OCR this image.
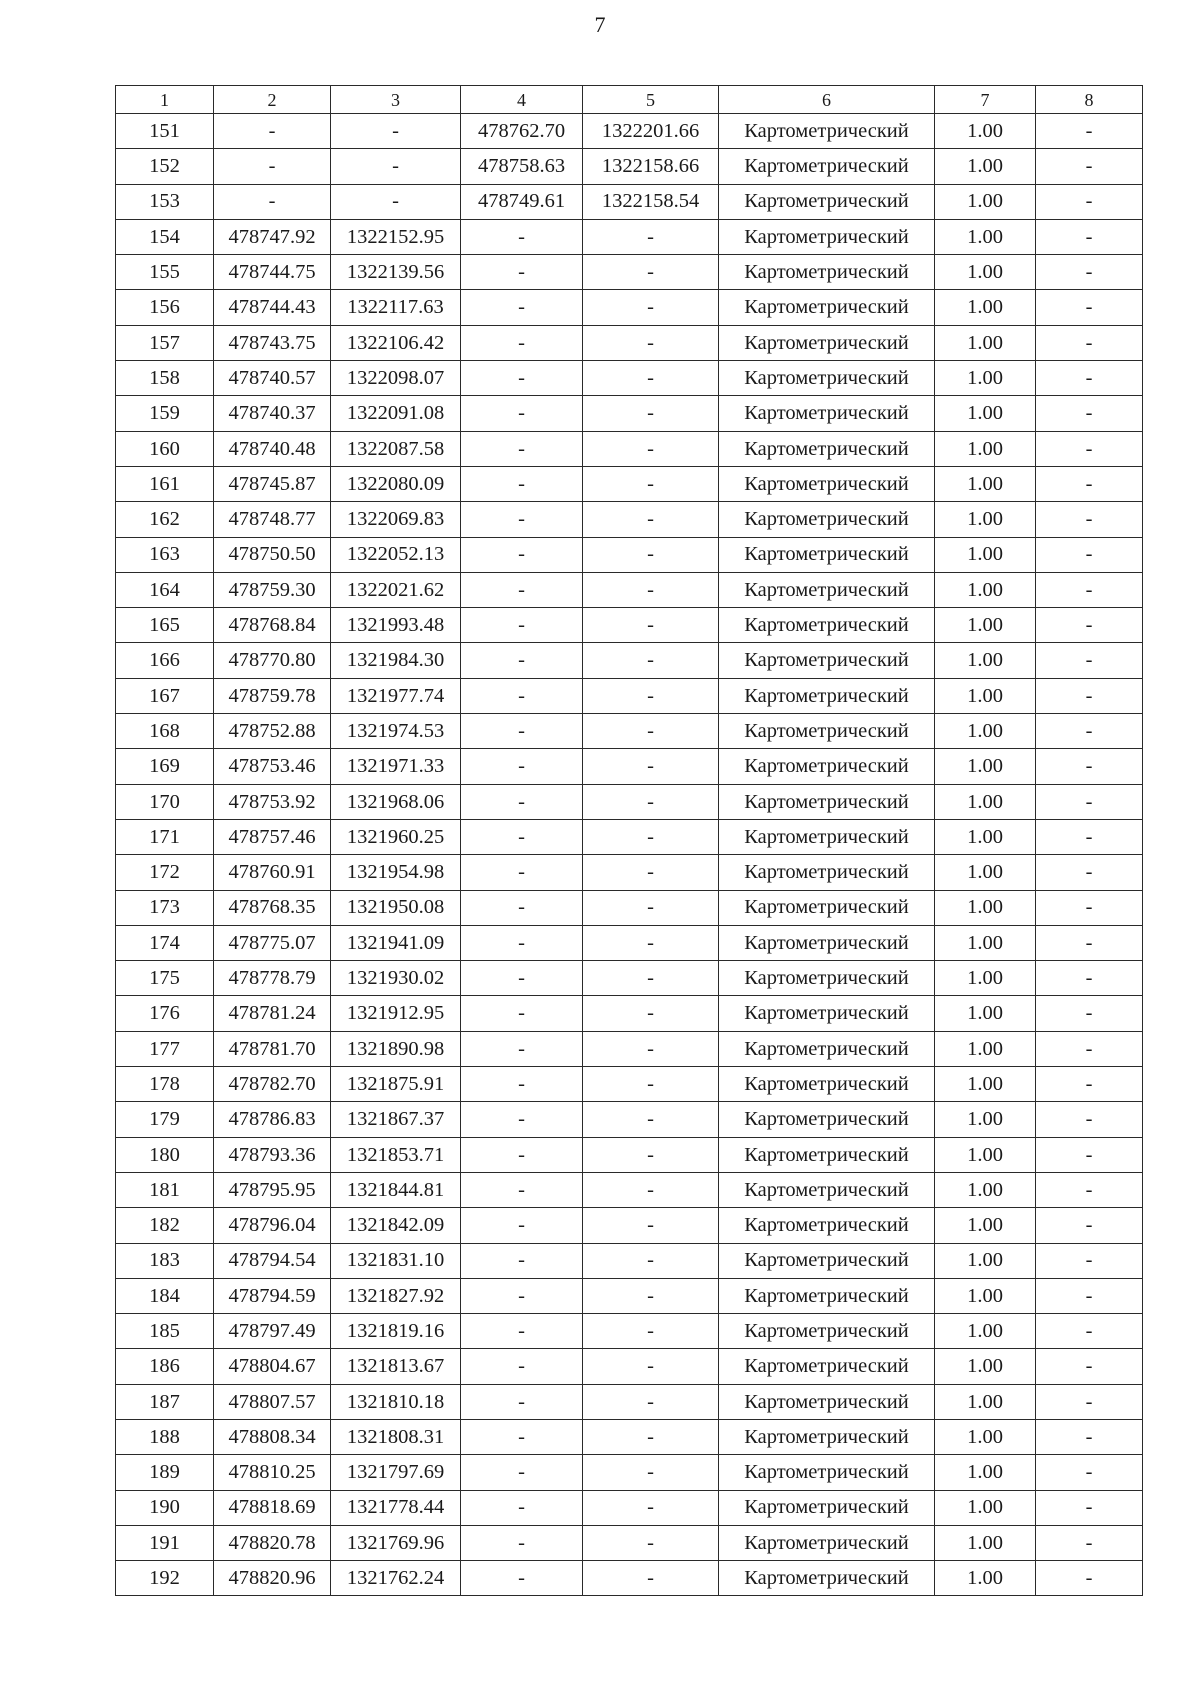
7
1	2	3	4	5	6	7	8
151	-	-	478762.70	1322201.66	Картометрический	1.00	-
152	-	-	478758.63	1322158.66	Картометрический	1.00	-
153	-	-	478749.61	1322158.54	Картометрический	1.00	-
154	478747.92	1322152.95	-	-	Картометрический	1.00	-
155	478744.75	1322139.56	-	-	Картометрический	1.00	-
156	478744.43	1322117.63	-	-	Картометрический	1.00	-
157	478743.75	1322106.42	-	-	Картометрический	1.00	-
158	478740.57	1322098.07	-	-	Картометрический	1.00	-
159	478740.37	1322091.08	-	-	Картометрический	1.00	-
160	478740.48	1322087.58	-	-	Картометрический	1.00	-
161	478745.87	1322080.09	-	-	Картометрический	1.00	-
162	478748.77	1322069.83	-	-	Картометрический	1.00	-
163	478750.50	1322052.13	-	-	Картометрический	1.00	-
164	478759.30	1322021.62	-	-	Картометрический	1.00	-
165	478768.84	1321993.48	-	-	Картометрический	1.00	-
166	478770.80	1321984.30	-	-	Картометрический	1.00	-
167	478759.78	1321977.74	-	-	Картометрический	1.00	-
168	478752.88	1321974.53	-	-	Картометрический	1.00	-
169	478753.46	1321971.33	-	-	Картометрический	1.00	-
170	478753.92	1321968.06	-	-	Картометрический	1.00	-
171	478757.46	1321960.25	-	-	Картометрический	1.00	-
172	478760.91	1321954.98	-	-	Картометрический	1.00	-
173	478768.35	1321950.08	-	-	Картометрический	1.00	-
174	478775.07	1321941.09	-	-	Картометрический	1.00	-
175	478778.79	1321930.02	-	-	Картометрический	1.00	-
176	478781.24	1321912.95	-	-	Картометрический	1.00	-
177	478781.70	1321890.98	-	-	Картометрический	1.00	-
178	478782.70	1321875.91	-	-	Картометрический	1.00	-
179	478786.83	1321867.37	-	-	Картометрический	1.00	-
180	478793.36	1321853.71	-	-	Картометрический	1.00	-
181	478795.95	1321844.81	-	-	Картометрический	1.00	-
182	478796.04	1321842.09	-	-	Картометрический	1.00	-
183	478794.54	1321831.10	-	-	Картометрический	1.00	-
184	478794.59	1321827.92	-	-	Картометрический	1.00	-
185	478797.49	1321819.16	-	-	Картометрический	1.00	-
186	478804.67	1321813.67	-	-	Картометрический	1.00	-
187	478807.57	1321810.18	-	-	Картометрический	1.00	-
188	478808.34	1321808.31	-	-	Картометрический	1.00	-
189	478810.25	1321797.69	-	-	Картометрический	1.00	-
190	478818.69	1321778.44	-	-	Картометрический	1.00	-
191	478820.78	1321769.96	-	-	Картометрический	1.00	-
192	478820.96	1321762.24	-	-	Картометрический	1.00	-
